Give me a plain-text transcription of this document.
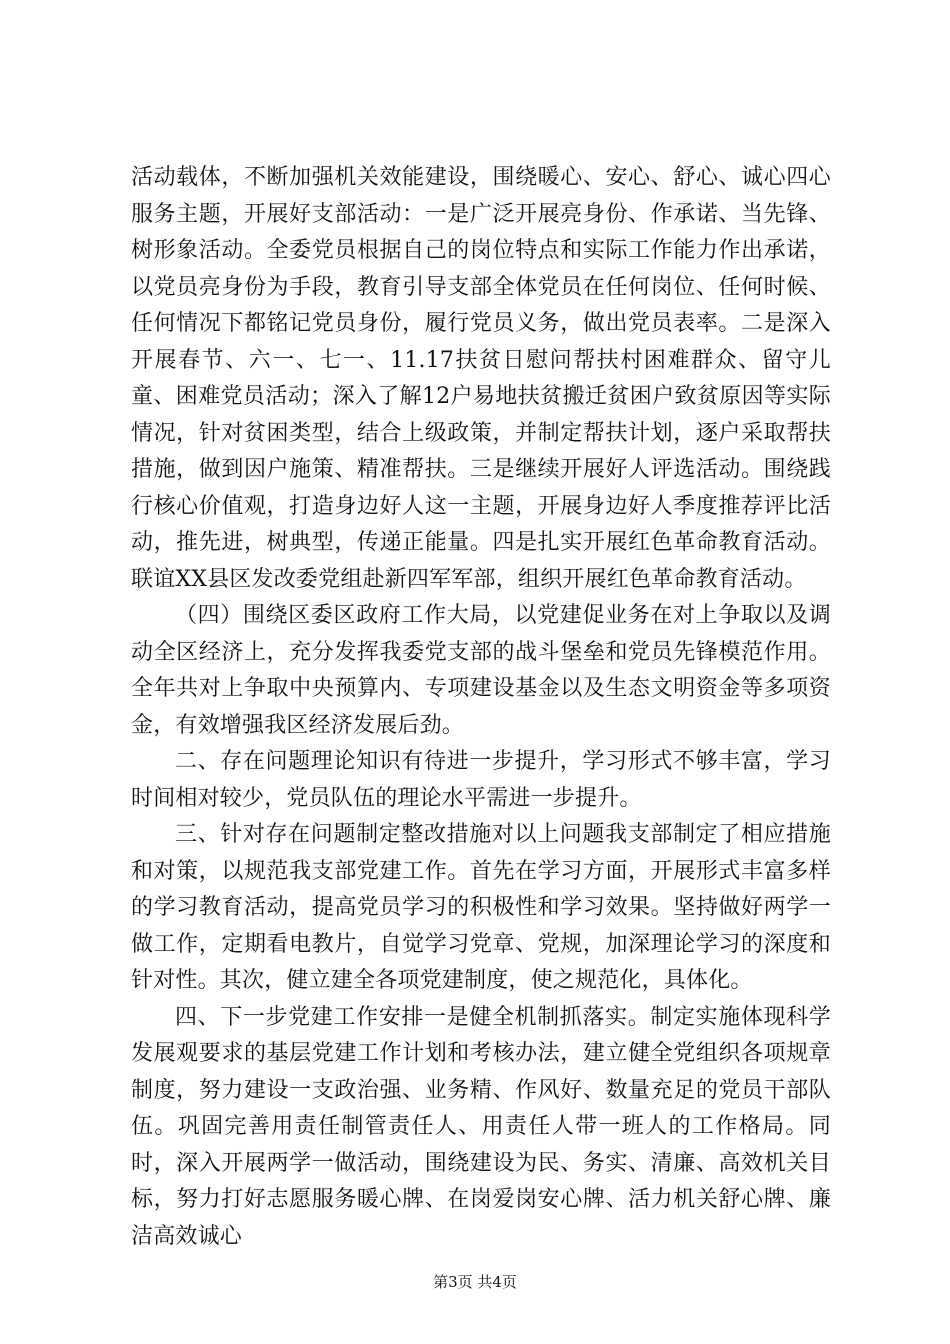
活动载体，不断加强机关效能建设，围绕暖心、安心、舒心、诚心四心服务主题，开展好支部活动：一是广泛开展亮身份、作承诺、当先锋、树形象活动。全委党员根据自己的岗位特点和实际工作能力作出承诺，以党员亮身份为手段，教育引导支部全体党员在任何岗位、任何时候、任何情况下都铭记党员身份，履行党员义务，做出党员表率。二是深入开展春节、六一、七一、11.17扶贫日慰问帮扶村困难群众、留守儿童、困难党员活动；深入了解12户易地扶贫搬迁贫困户致贫原因等实际情况，针对贫困类型，结合上级政策，并制定帮扶计划，逐户采取帮扶措施，做到因户施策、精准帮扶。三是继续开展好人评选活动。围绕践行核心价值观，打造身边好人这一主题，开展身边好人季度推荐评比活动，推先进，树典型，传递正能量。四是扎实开展红色革命教育活动。联谊XX县区发改委党组赴新四军军部，组织开展红色革命教育活动。

（四）围绕区委区政府工作大局，以党建促业务在对上争取以及调动全区经济上，充分发挥我委党支部的战斗堡垒和党员先锋模范作用。全年共对上争取中央预算内、专项建设基金以及生态文明资金等多项资金，有效增强我区经济发展后劲。

二、存在问题理论知识有待进一步提升，学习形式不够丰富，学习时间相对较少，党员队伍的理论水平需进一步提升。

三、针对存在问题制定整改措施对以上问题我支部制定了相应措施和对策，以规范我支部党建工作。首先在学习方面，开展形式丰富多样的学习教育活动，提高党员学习的积极性和学习效果。坚持做好两学一做工作，定期看电教片，自觉学习党章、党规，加深理论学习的深度和针对性。其次，健立建全各项党建制度，使之规范化，具体化。

四、下一步党建工作安排一是健全机制抓落实。制定实施体现科学发展观要求的基层党建工作计划和考核办法，建立健全党组织各项规章制度，努力建设一支政治强、业务精、作风好、数量充足的党员干部队伍。巩固完善用责任制管责任人、用责任人带一班人的工作格局。同时，深入开展两学一做活动，围绕建设为民、务实、清廉、高效机关目标，努力打好志愿服务暖心牌、在岗爱岗安心牌、活力机关舒心牌、廉洁高效诚心

第3页 共4页
